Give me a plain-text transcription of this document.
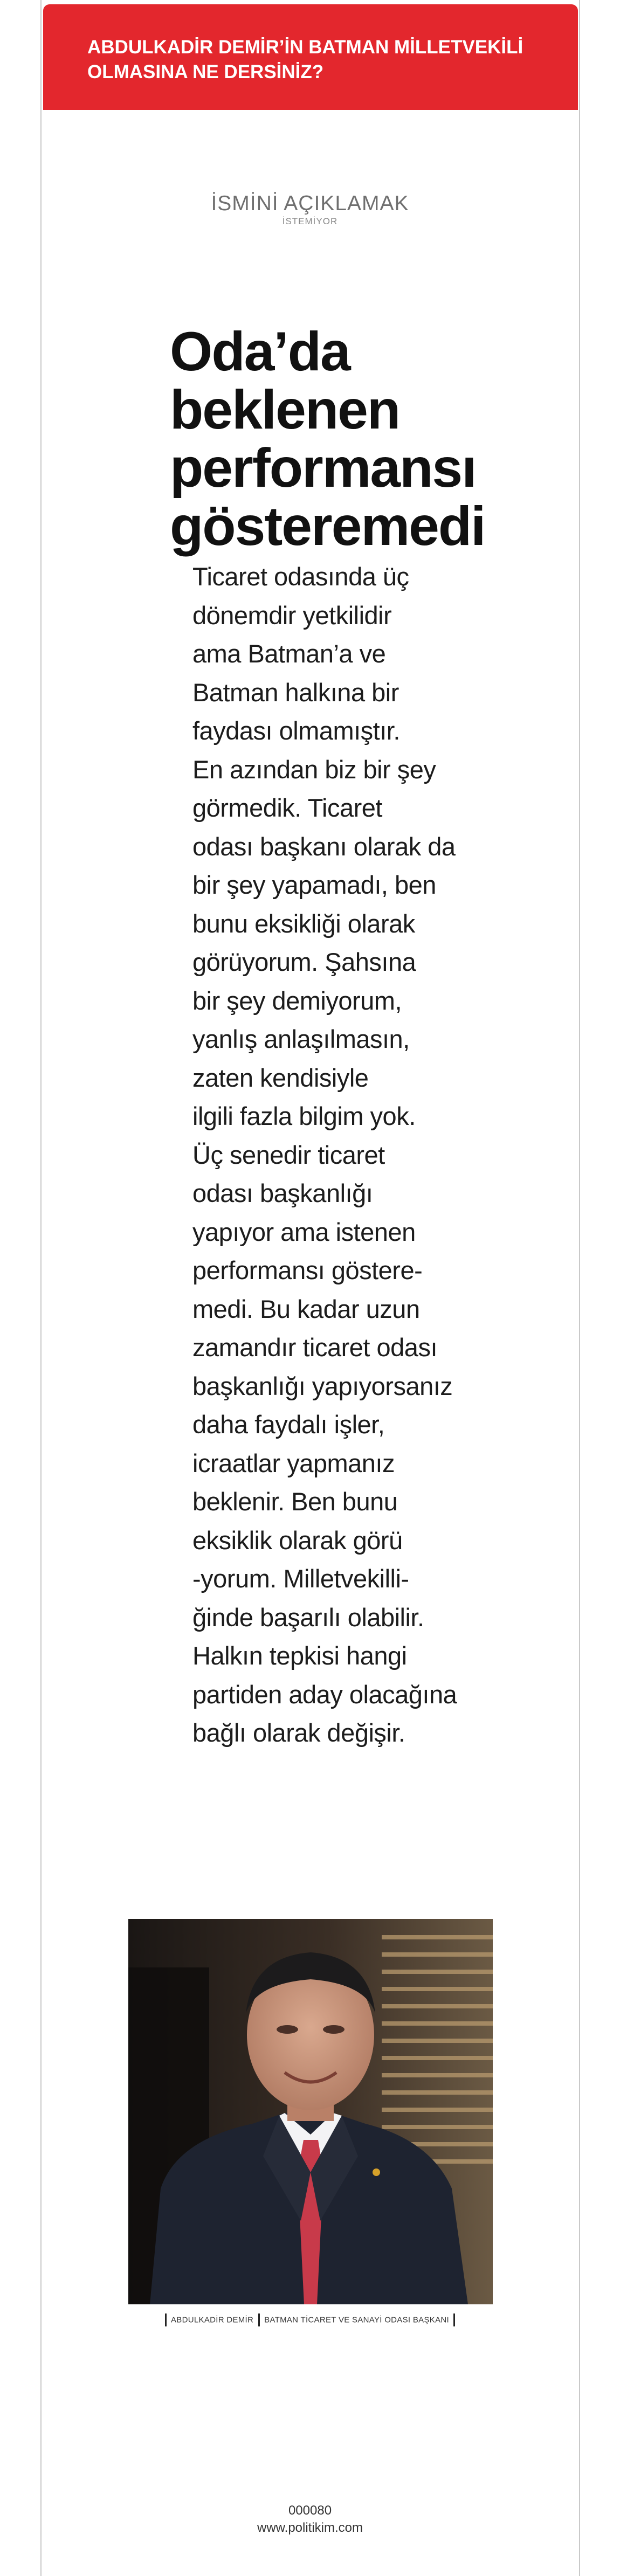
ABDULKADİR DEMİR’İN BATMAN MİLLETVEKİLİ OLMASINA NE DERSİNİZ?

İSMİNİ AÇIKLAMAK
İSTEMİYOR
Oda’da beklenen performansı gösteremedi
Ticaret odasında üç
dönemdir yetkilidir
ama Batman’a ve
Batman halkına bir
faydası olmamıştır.
En azından biz bir şey
görmedik. Ticaret
odası başkanı olarak da
bir şey yapamadı, ben
bunu eksikliği olarak
görüyorum. Şahsına
bir şey demiyorum,
yanlış anlaşılmasın,
zaten kendisiyle
ilgili fazla bilgim yok.
Üç senedir ticaret
odası başkanlığı
yapıyor ama istenen
performansı göstere-
medi. Bu kadar uzun
zamandır ticaret odası
başkanlığı yapıyorsanız
daha faydalı işler,
icraatlar yapmanız
beklenir. Ben bunu
eksiklik olarak görü
-yorum. Milletvekilli-
ğinde başarılı olabilir.
Halkın tepkisi hangi
partiden aday olacağına
bağlı olarak değişir.
ABDULKADİR DEMİR BATMAN TİCARET VE SANAYİ ODASI BAŞKANI
000080
www.politikim.com
